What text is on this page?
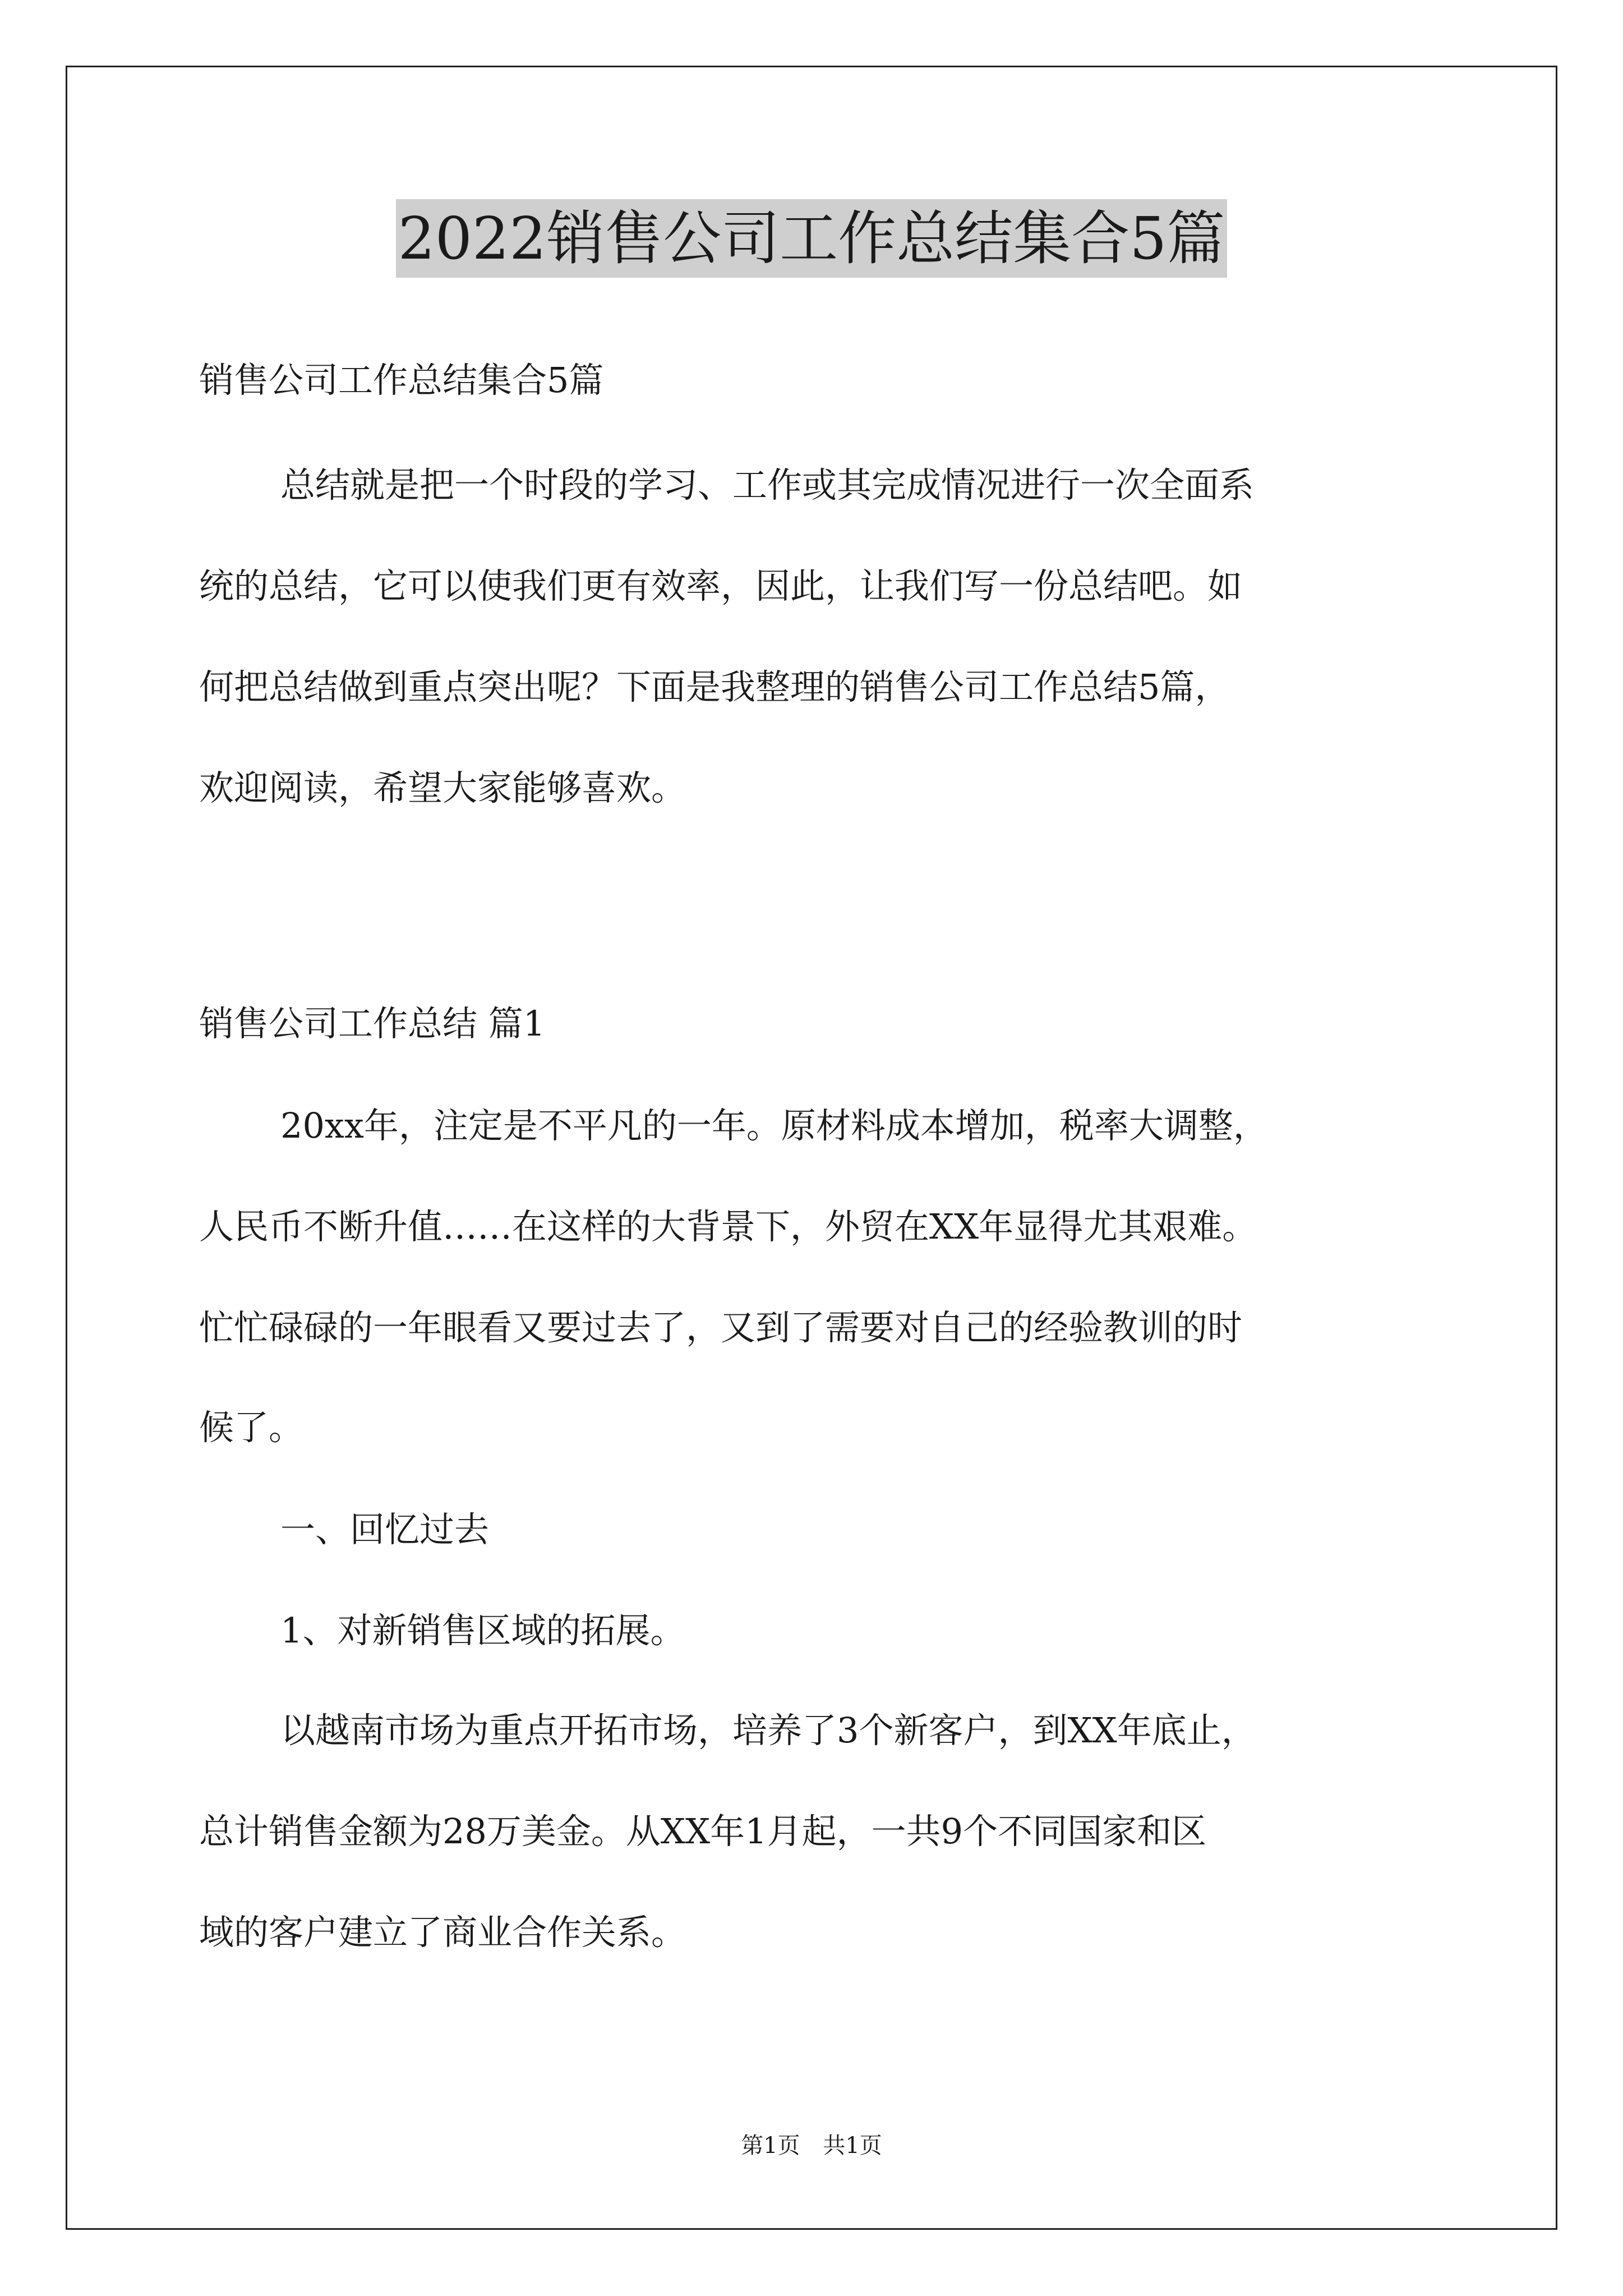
2022销售公司工作总结集合5篇
销售公司工作总结集合5篇
总结就是把一个时段的学习、工作或其完成情况进行一次全面系
统的总结，它可以使我们更有效率，因此，让我们写一份总结吧。如
何把总结做到重点突出呢？下面是我整理的销售公司工作总结5篇，
欢迎阅读，希望大家能够喜欢。
销售公司工作总结 篇1
20xx年，注定是不平凡的一年。原材料成本增加，税率大调整，
人民币不断升值……在这样的大背景下，外贸在XX年显得尤其艰难。
忙忙碌碌的一年眼看又要过去了，又到了需要对自己的经验教训的时
候了。
一、回忆过去
1、对新销售区域的拓展。
以越南市场为重点开拓市场，培养了3个新客户，到XX年底止，
总计销售金额为28万美金。从XX年1月起，一共9个不同国家和区
域的客户建立了商业合作关系。
第1页 共1页
